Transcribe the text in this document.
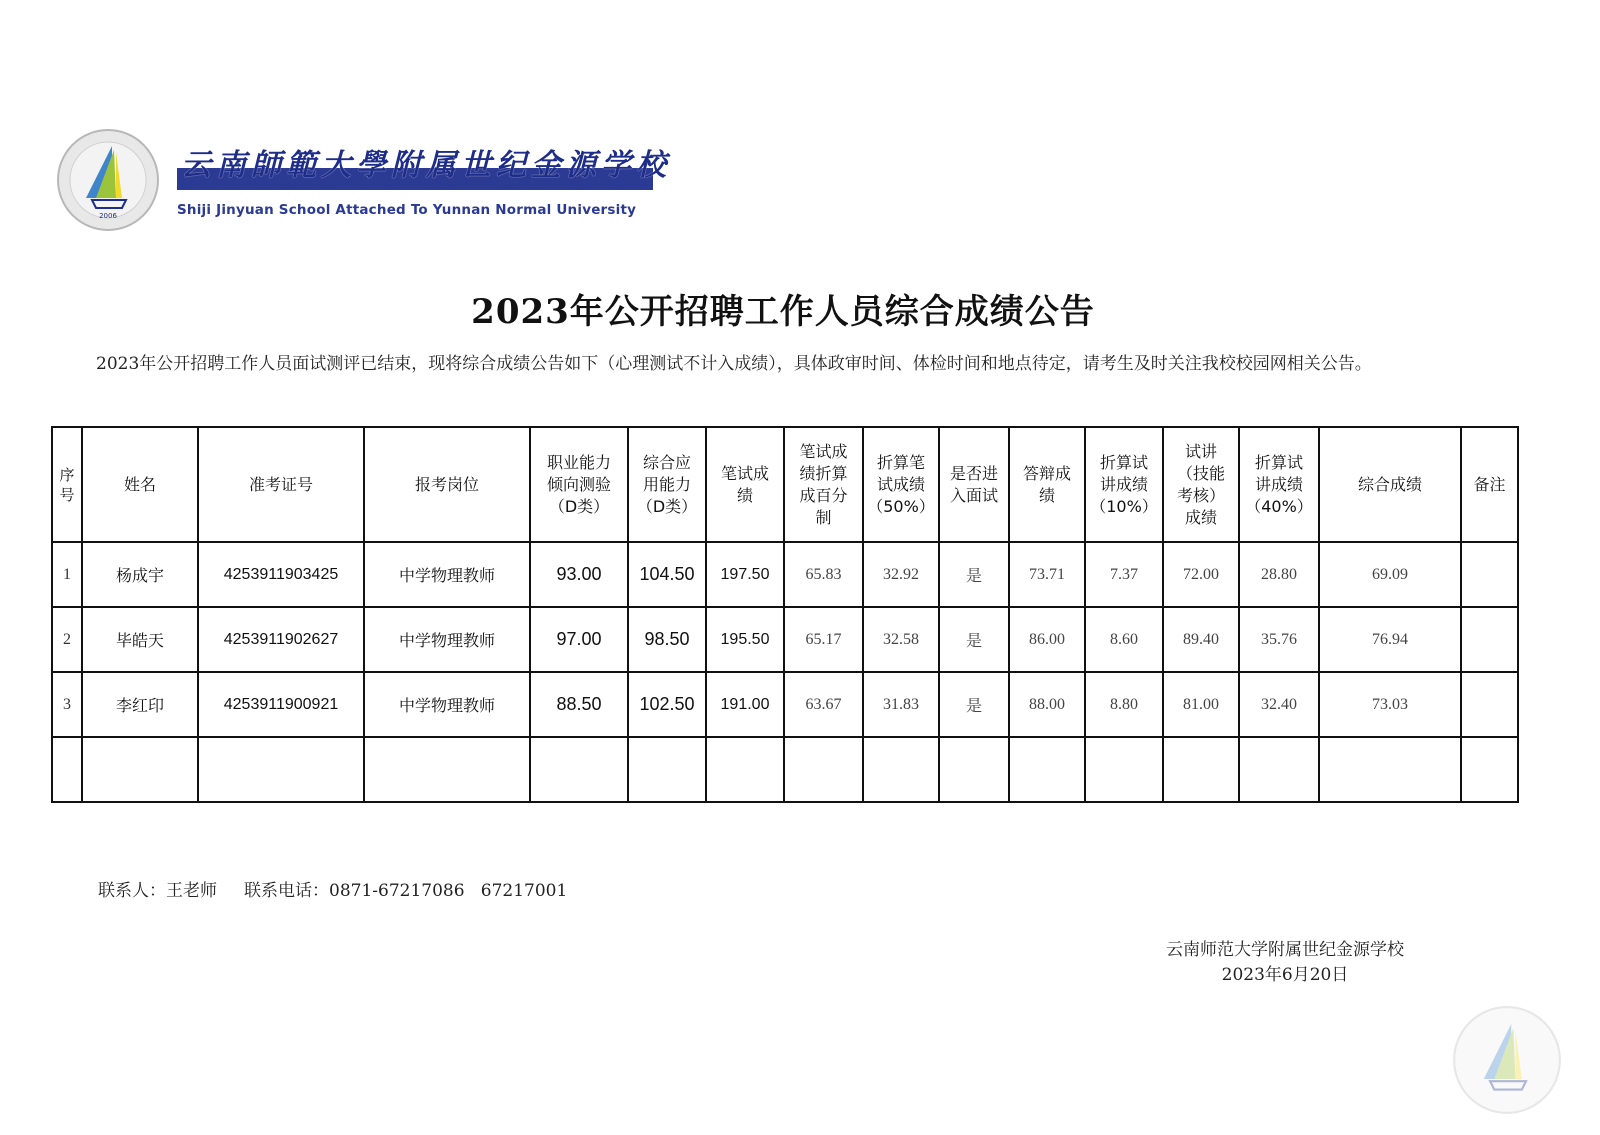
2006
云南師範大學附属世纪金源学校
Shiji Jinyuan School Attached To Yunnan Normal University
2023年公开招聘工作人员综合成绩公告
2023年公开招聘工作人员面试测评已结束，现将综合成绩公告如下（心理测试不计入成绩），具体政审时间、体检时间和地点待定，请考生及时关注我校校园网相关公告。
序
号	姓名	准考证号	报考岗位	职业能力
倾向测验
（D类）	综合应
用能力
（D类）	笔试成
绩	笔试成
绩折算
成百分
制	折算笔
试成绩
（50%）	是否进
入面试	答辩成
绩	折算试
讲成绩
（10%）	试讲
（技能
考核）
成绩	折算试
讲成绩
（40%）	综合成绩	备注
1	杨成宇	4253911903425	中学物理教师	93.00	104.50	197.50	65.83	32.92	是	73.71	7.37	72.00	28.80	69.09	
2	毕皓天	4253911902627	中学物理教师	97.00	98.50	195.50	65.17	32.58	是	86.00	8.60	89.40	35.76	76.94	
3	李红印	4253911900921	中学物理教师	88.50	102.50	191.00	63.67	31.83	是	88.00	8.80	81.00	32.40	73.03	

联系人：王老师     联系电话：0871-67217086   67217001
云南师范大学附属世纪金源学校
2023年6月20日
